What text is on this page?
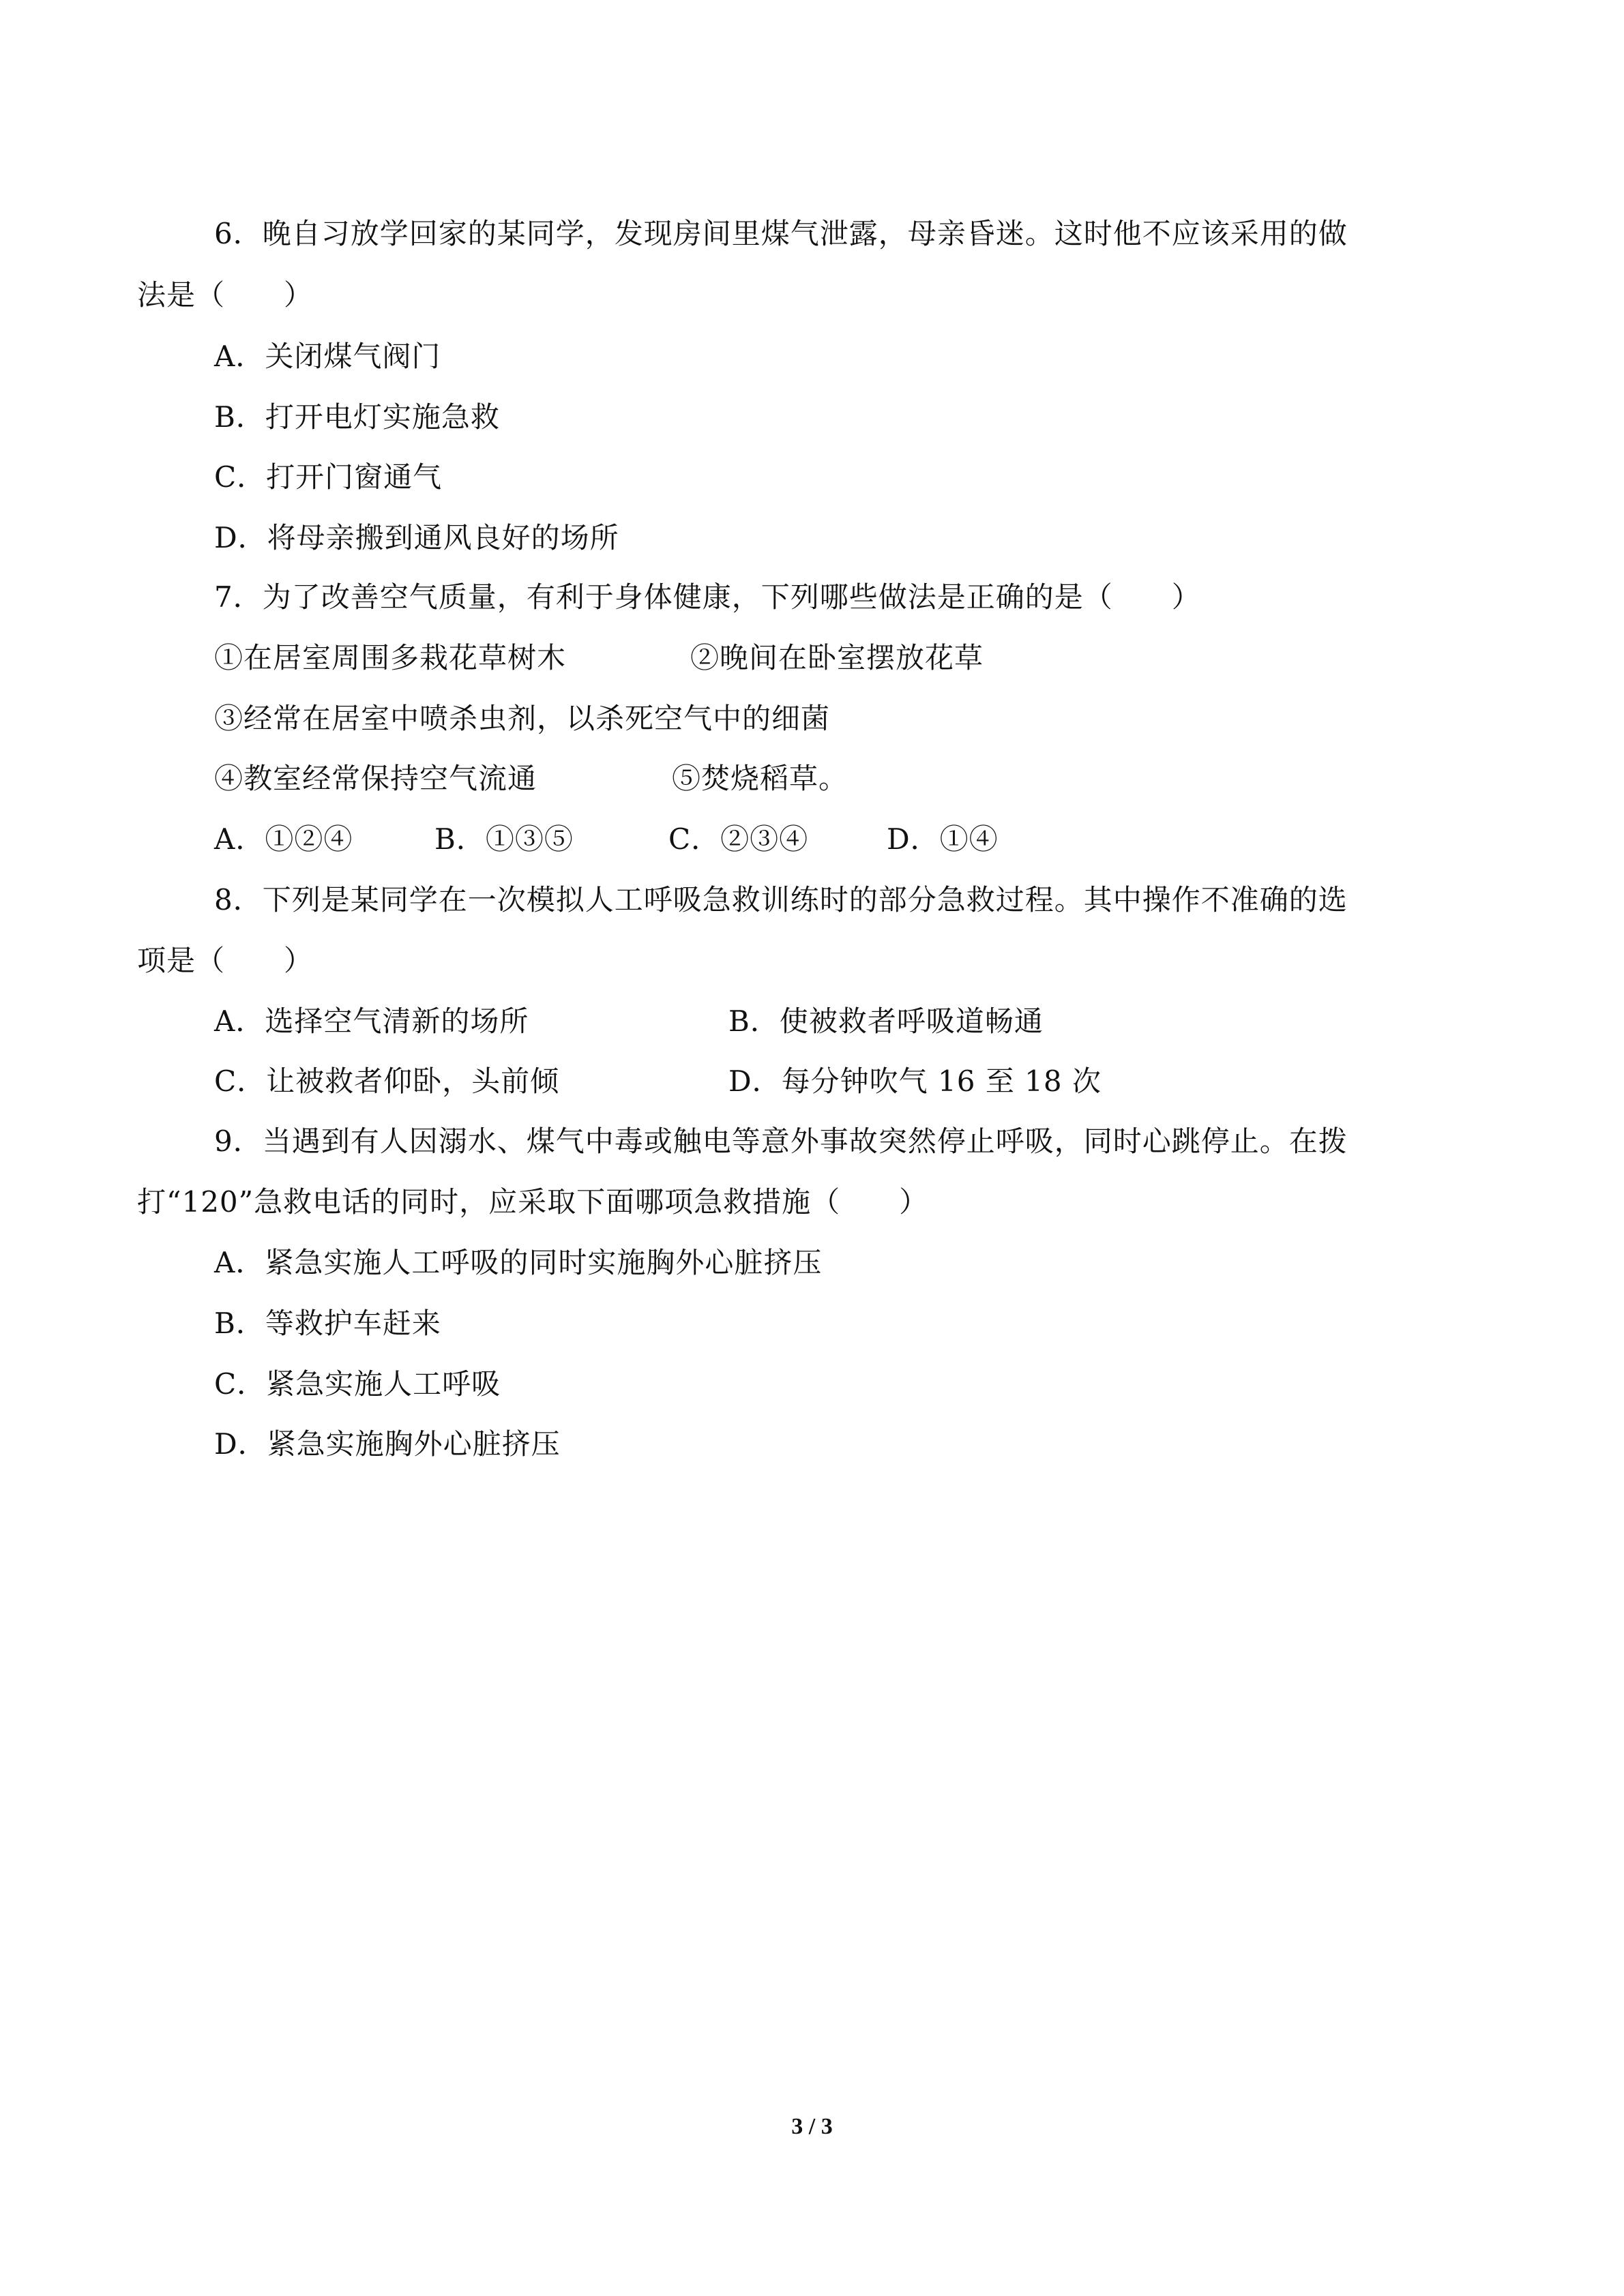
6．晚自习放学回家的某同学，发现房间里煤气泄露，母亲昏迷。这时他不应该采用的做
法是（　　）
A．关闭煤气阀门
B．打开电灯实施急救
C．打开门窗通气
D．将母亲搬到通风良好的场所
7．为了改善空气质量，有利于身体健康，下列哪些做法是正确的是（　　）
①在居室周围多栽花草树木	②晚间在卧室摆放花草
③经常在居室中喷杀虫剂，以杀死空气中的细菌
④教室经常保持空气流通	⑤焚烧稻草。
A．①②④	B．①③⑤	C．②③④	D．①④
8．下列是某同学在一次模拟人工呼吸急救训练时的部分急救过程。其中操作不准确的选
项是（　　）
A．选择空气清新的场所	B．使被救者呼吸道畅通
C．让被救者仰卧，头前倾	D．每分钟吹气 16 至 18 次
9．当遇到有人因溺水、煤气中毒或触电等意外事故突然停止呼吸，同时心跳停止。在拨
打“120”急救电话的同时，应采取下面哪项急救措施（　　）
A．紧急实施人工呼吸的同时实施胸外心脏挤压
B．等救护车赶来
C．紧急实施人工呼吸
D．紧急实施胸外心脏挤压
3 / 3
